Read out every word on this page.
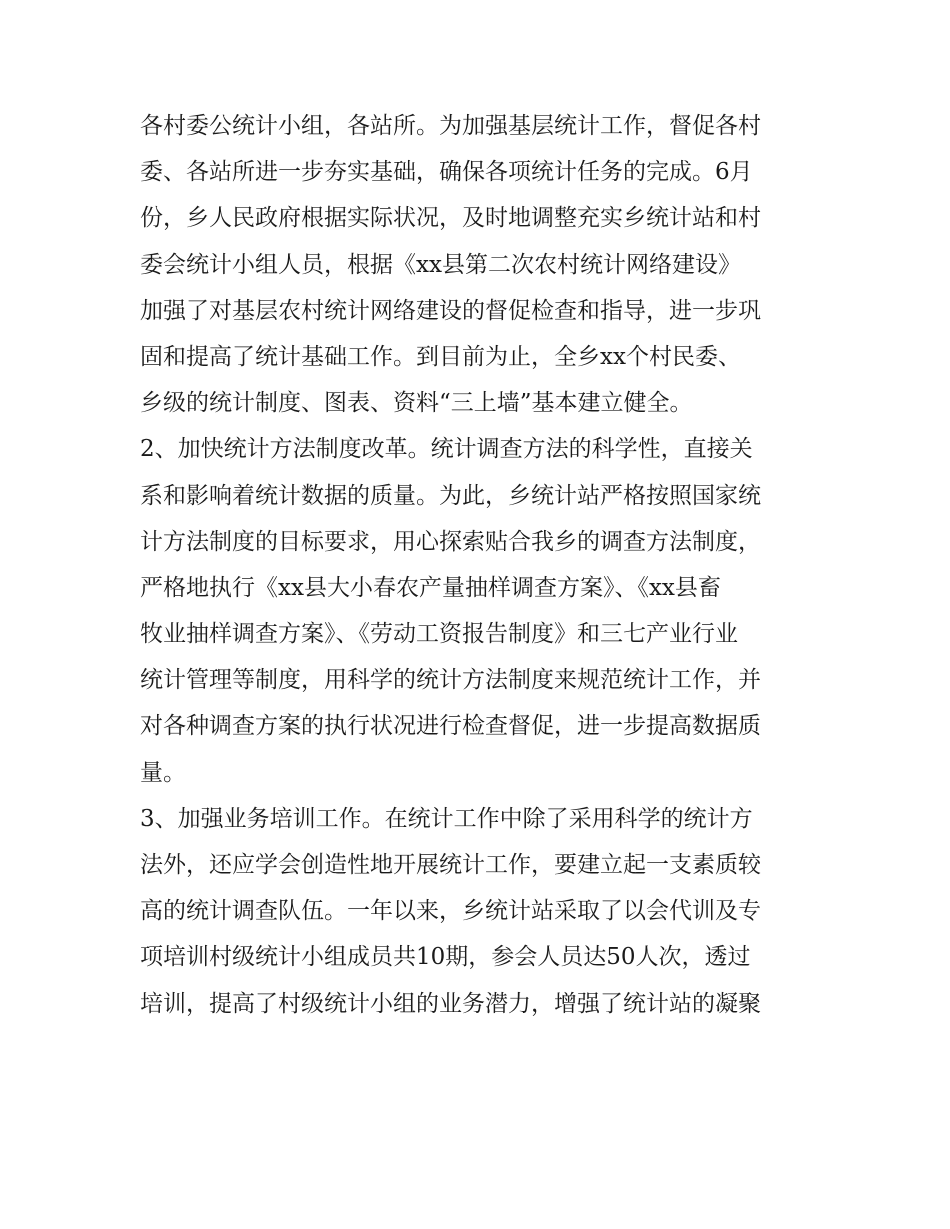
各村委公统计小组，各站所。为加强基层统计工作，督促各村
委、各站所进一步夯实基础，确保各项统计任务的完成。6月
份，乡人民政府根据实际状况，及时地调整充实乡统计站和村
委会统计小组人员，根据《xx县第二次农村统计网络建设》
加强了对基层农村统计网络建设的督促检查和指导，进一步巩
固和提高了统计基础工作。到目前为止，全乡xx个村民委、
乡级的统计制度、图表、资料“三上墙”基本建立健全。
2、加快统计方法制度改革。统计调查方法的科学性，直接关
系和影响着统计数据的质量。为此，乡统计站严格按照国家统
计方法制度的目标要求，用心探索贴合我乡的调查方法制度，
严格地执行《xx县大小春农产量抽样调查方案》、《xx县畜
牧业抽样调查方案》、《劳动工资报告制度》和三七产业行业
统计管理等制度，用科学的统计方法制度来规范统计工作，并
对各种调查方案的执行状况进行检查督促，进一步提高数据质
量。
3、加强业务培训工作。在统计工作中除了采用科学的统计方
法外，还应学会创造性地开展统计工作，要建立起一支素质较
高的统计调查队伍。一年以来，乡统计站采取了以会代训及专
项培训村级统计小组成员共10期，参会人员达50人次，透过
培训，提高了村级统计小组的业务潜力，增强了统计站的凝聚
